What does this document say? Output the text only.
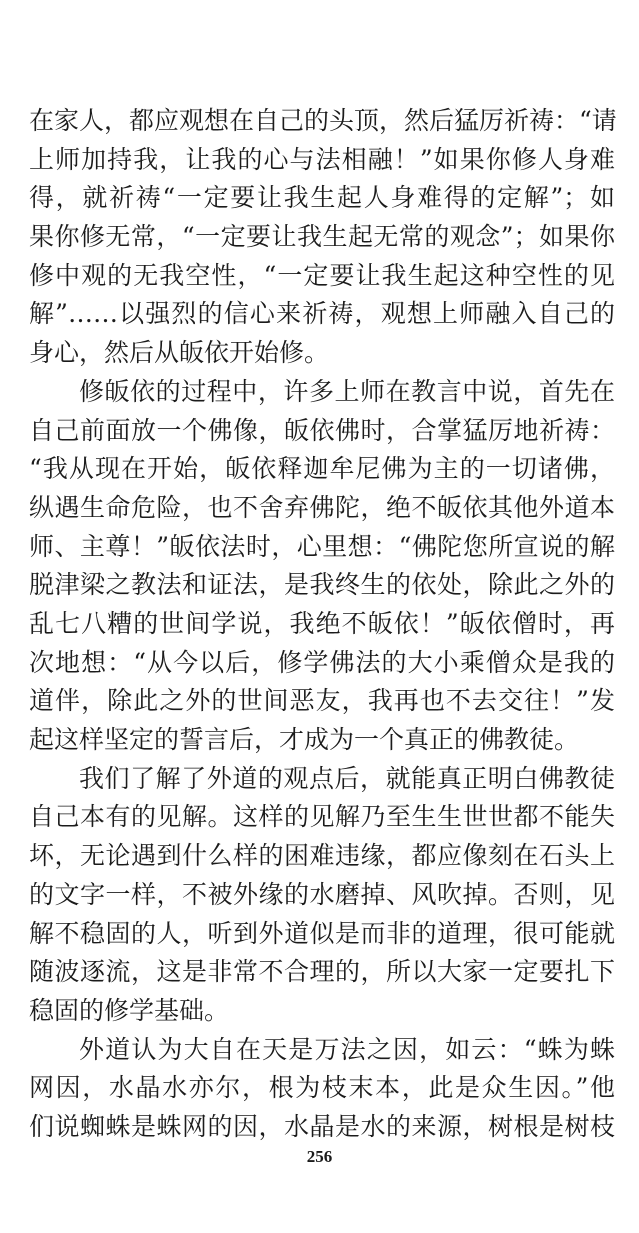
在家人，都应观想在自己的头顶，然后猛厉祈祷：“请
上师加持我，让我的心与法相融！”如果你修人身难
得，就祈祷“一定要让我生起人身难得的定解”；如
果你修无常，“一定要让我生起无常的观念”；如果你
修中观的无我空性，“一定要让我生起这种空性的见
解”……以强烈的信心来祈祷，观想上师融入自己的
身心，然后从皈依开始修。
修皈依的过程中，许多上师在教言中说，首先在
自己前面放一个佛像，皈依佛时，合掌猛厉地祈祷：
“我从现在开始，皈依释迦牟尼佛为主的一切诸佛，
纵遇生命危险，也不舍弃佛陀，绝不皈依其他外道本
师、主尊！”皈依法时，心里想：“佛陀您所宣说的解
脱津梁之教法和证法，是我终生的依处，除此之外的
乱七八糟的世间学说，我绝不皈依！”皈依僧时，再
次地想：“从今以后，修学佛法的大小乘僧众是我的
道伴，除此之外的世间恶友，我再也不去交往！”发
起这样坚定的誓言后，才成为一个真正的佛教徒。
我们了解了外道的观点后，就能真正明白佛教徒
自己本有的见解。这样的见解乃至生生世世都不能失
坏，无论遇到什么样的困难违缘，都应像刻在石头上
的文字一样，不被外缘的水磨掉、风吹掉。否则，见
解不稳固的人，听到外道似是而非的道理，很可能就
随波逐流，这是非常不合理的，所以大家一定要扎下
稳固的修学基础。
外道认为大自在天是万法之因，如云：“蛛为蛛
网因，水晶水亦尔，根为枝末本，此是众生因。”他
们说蜘蛛是蛛网的因，水晶是水的来源，树根是树枝
256
